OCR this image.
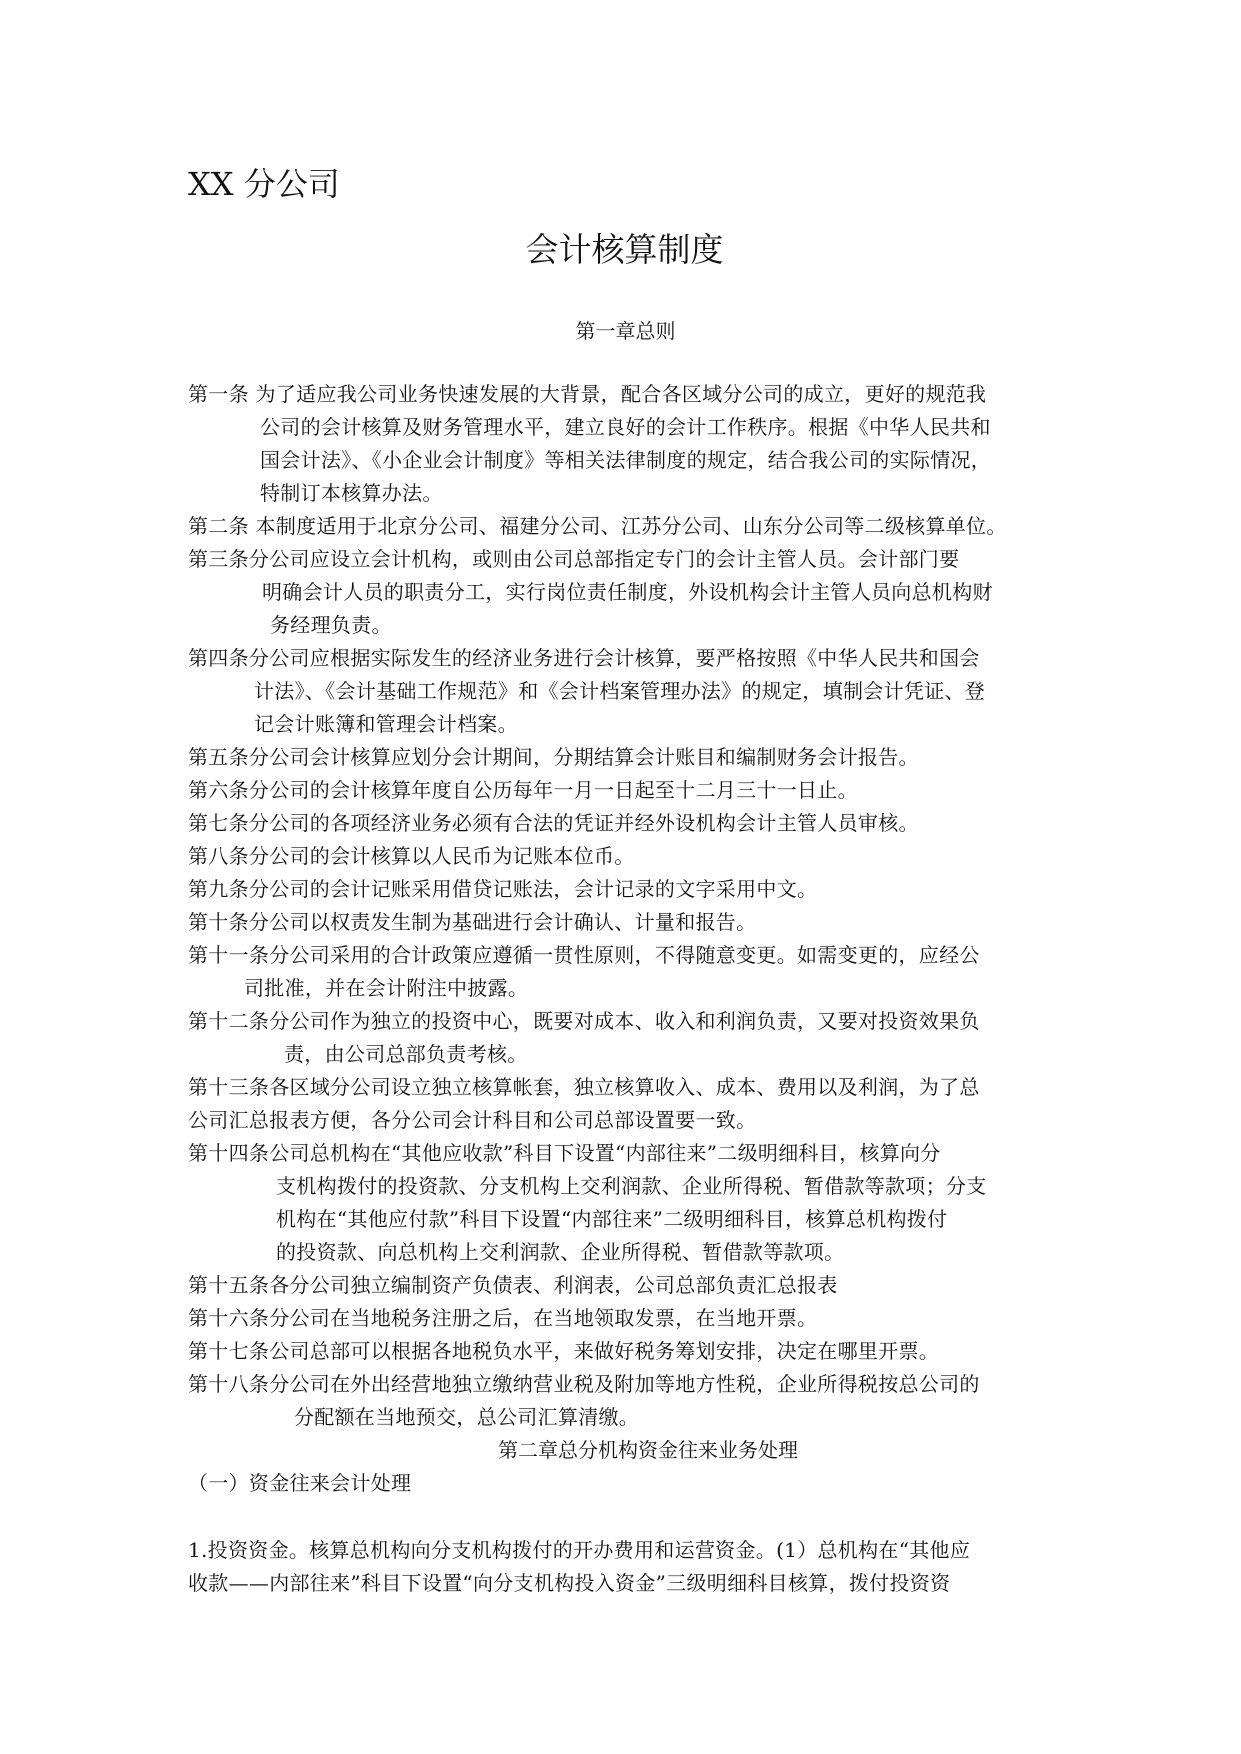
XX 分公司
会计核算制度
第一章总则
第一条 为了适应我公司业务快速发展的大背景，配合各区域分公司的成立，更好的规范我
公司的会计核算及财务管理水平，建立良好的会计工作秩序。根据《中华人民共和
国会计法》、《小企业会计制度》等相关法律制度的规定，结合我公司的实际情况，
特制订本核算办法。
第二条 本制度适用于北京分公司、福建分公司、江苏分公司、山东分公司等二级核算单位。
第三条分公司应设立会计机构，或则由公司总部指定专门的会计主管人员。会计部门要
明确会计人员的职责分工，实行岗位责任制度，外设机构会计主管人员向总机构财
务经理负责。
第四条分公司应根据实际发生的经济业务进行会计核算，要严格按照《中华人民共和国会
计法》、《会计基础工作规范》和《会计档案管理办法》的规定，填制会计凭证、登
记会计账簿和管理会计档案。
第五条分公司会计核算应划分会计期间，分期结算会计账目和编制财务会计报告。
第六条分公司的会计核算年度自公历每年一月一日起至十二月三十一日止。
第七条分公司的各项经济业务必须有合法的凭证并经外设机构会计主管人员审核。
第八条分公司的会计核算以人民币为记账本位币。
第九条分公司的会计记账采用借贷记账法，会计记录的文字采用中文。
第十条分公司以权责发生制为基础进行会计确认、计量和报告。
第十一条分公司采用的合计政策应遵循一贯性原则，不得随意变更。如需变更的，应经公
司批准，并在会计附注中披露。
第十二条分公司作为独立的投资中心，既要对成本、收入和利润负责，又要对投资效果负
责，由公司总部负责考核。
第十三条各区域分公司设立独立核算帐套，独立核算收入、成本、费用以及利润，为了总
公司汇总报表方便，各分公司会计科目和公司总部设置要一致。
第十四条公司总机构在“其他应收款”科目下设置“内部往来”二级明细科目，核算向分
支机构拨付的投资款、分支机构上交利润款、企业所得税、暂借款等款项；分支
机构在“其他应付款”科目下设置“内部往来”二级明细科目，核算总机构拨付
的投资款、向总机构上交利润款、企业所得税、暂借款等款项。
第十五条各分公司独立编制资产负债表、利润表，公司总部负责汇总报表
第十六条分公司在当地税务注册之后，在当地领取发票，在当地开票。
第十七条公司总部可以根据各地税负水平，来做好税务筹划安排，决定在哪里开票。
第十八条分公司在外出经营地独立缴纳营业税及附加等地方性税，企业所得税按总公司的
分配额在当地预交，总公司汇算清缴。
第二章总分机构资金往来业务处理
（一）资金往来会计处理
1.投资资金。核算总机构向分支机构拨付的开办费用和运营资金。(1）总机构在“其他应
收款——内部往来”科目下设置“向分支机构投入资金”三级明细科目核算，拨付投资资
